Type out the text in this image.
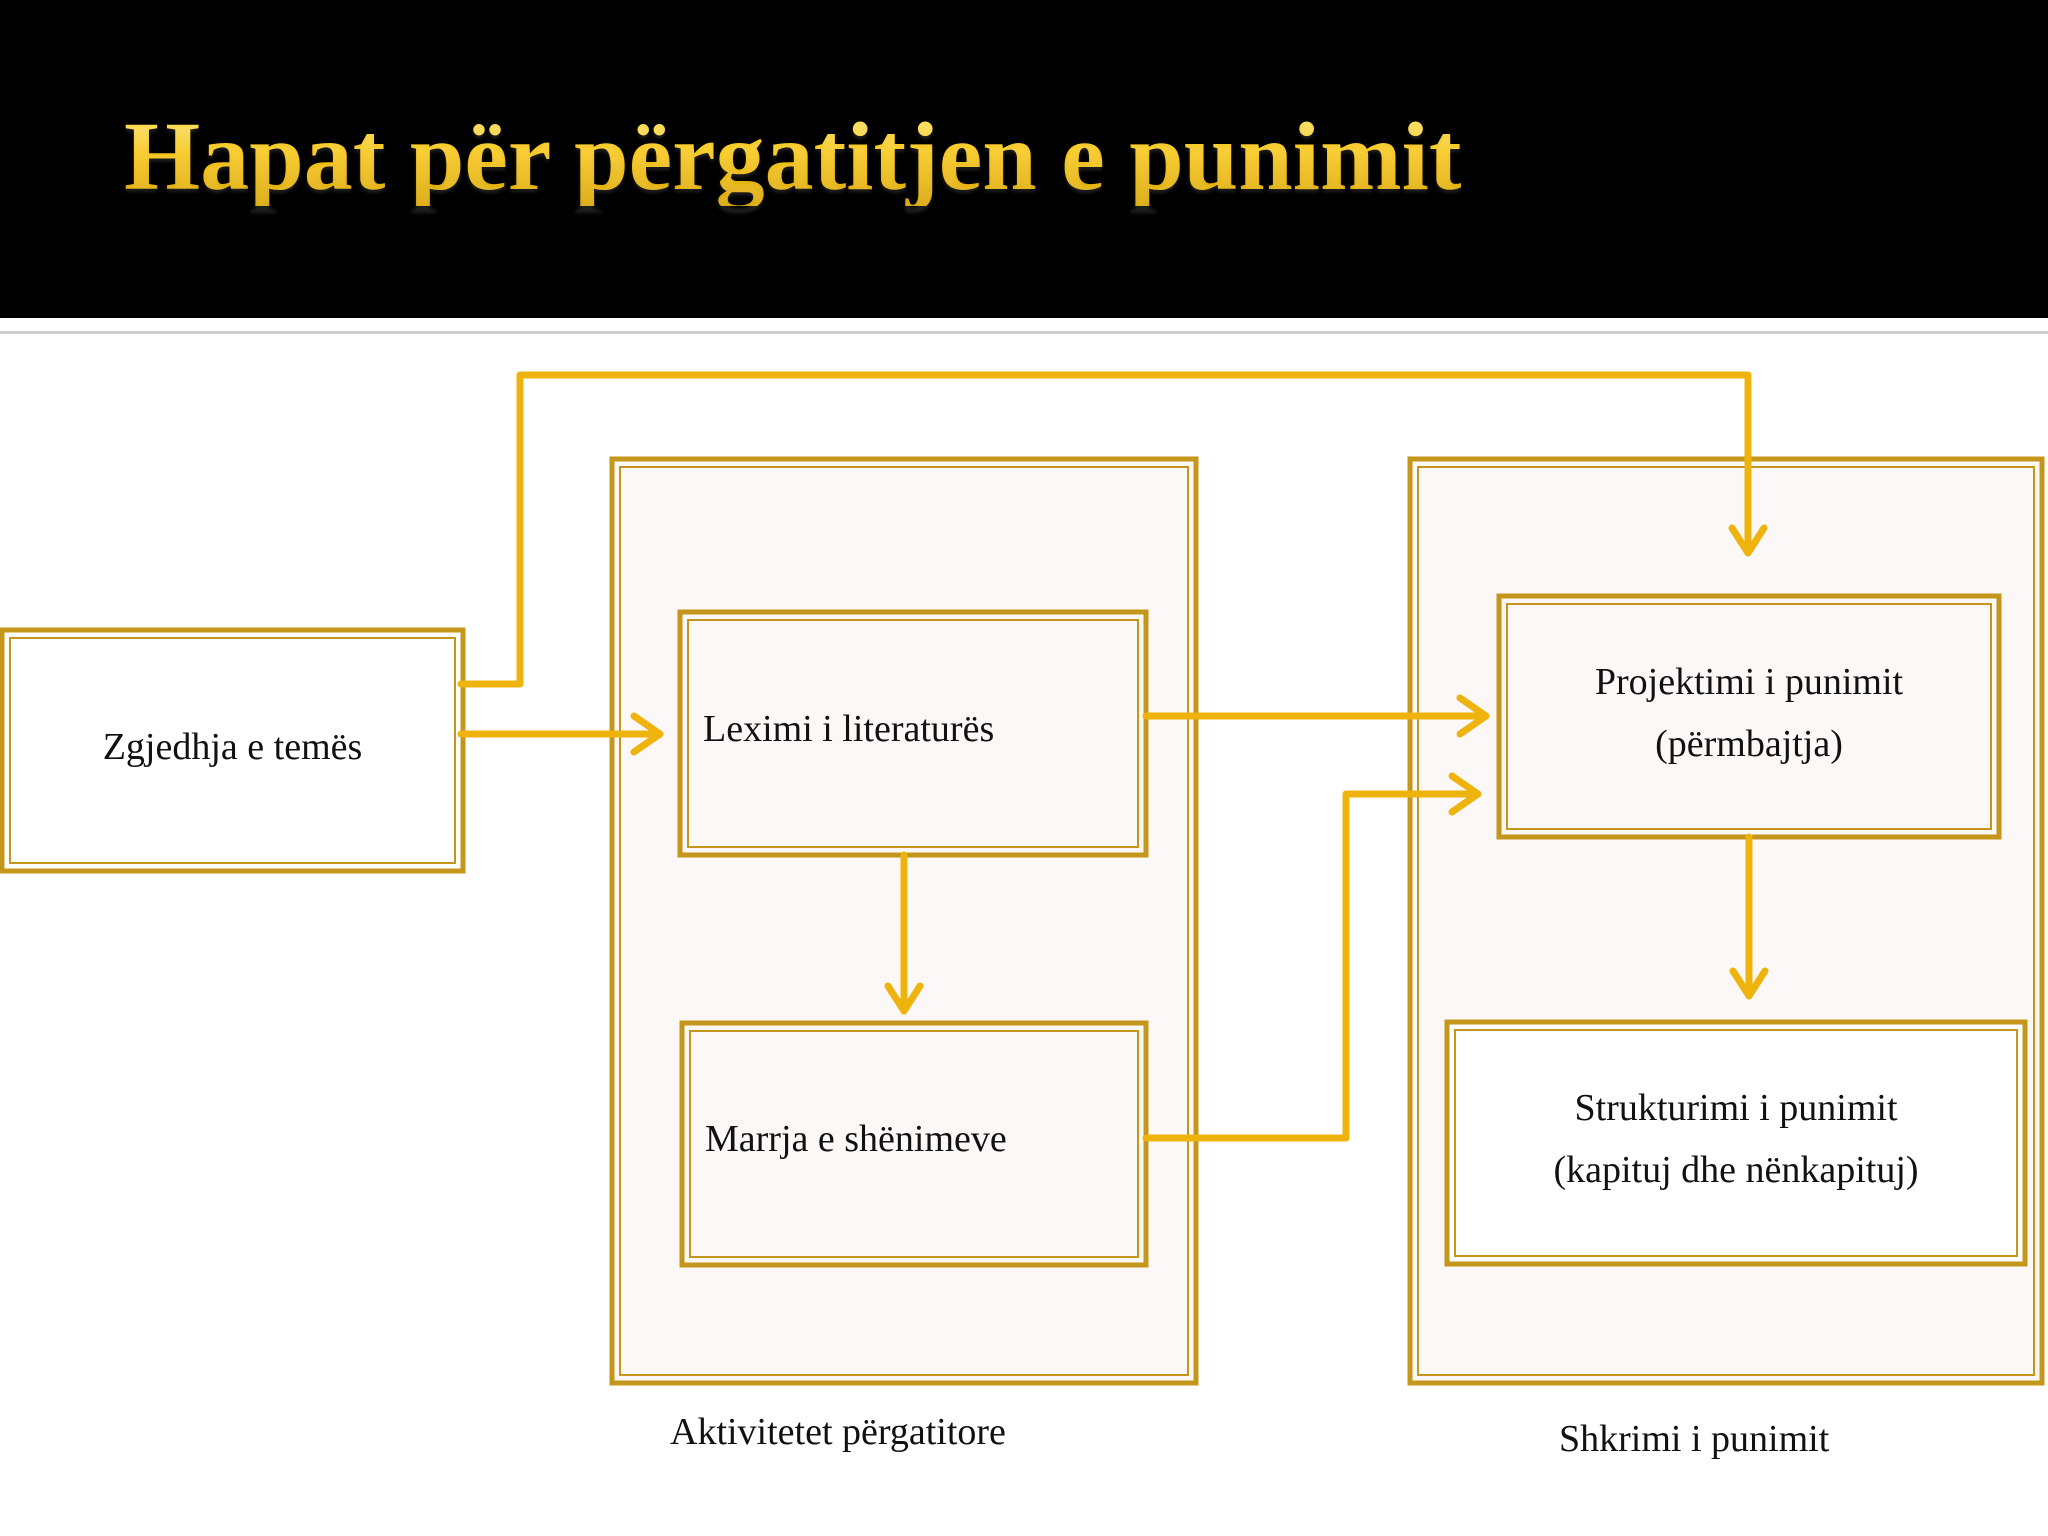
Hapat për përgatitjen e punimit
Zgjedhja e temës	Leximi i literaturës
Marrja e shënimeve
Projektimi i punimit
(përmbajtja)
Strukturimi i punimit
(kapituj dhe nënkapituj)
Aktivitetet përgatitore	Shkrimi i punimit
